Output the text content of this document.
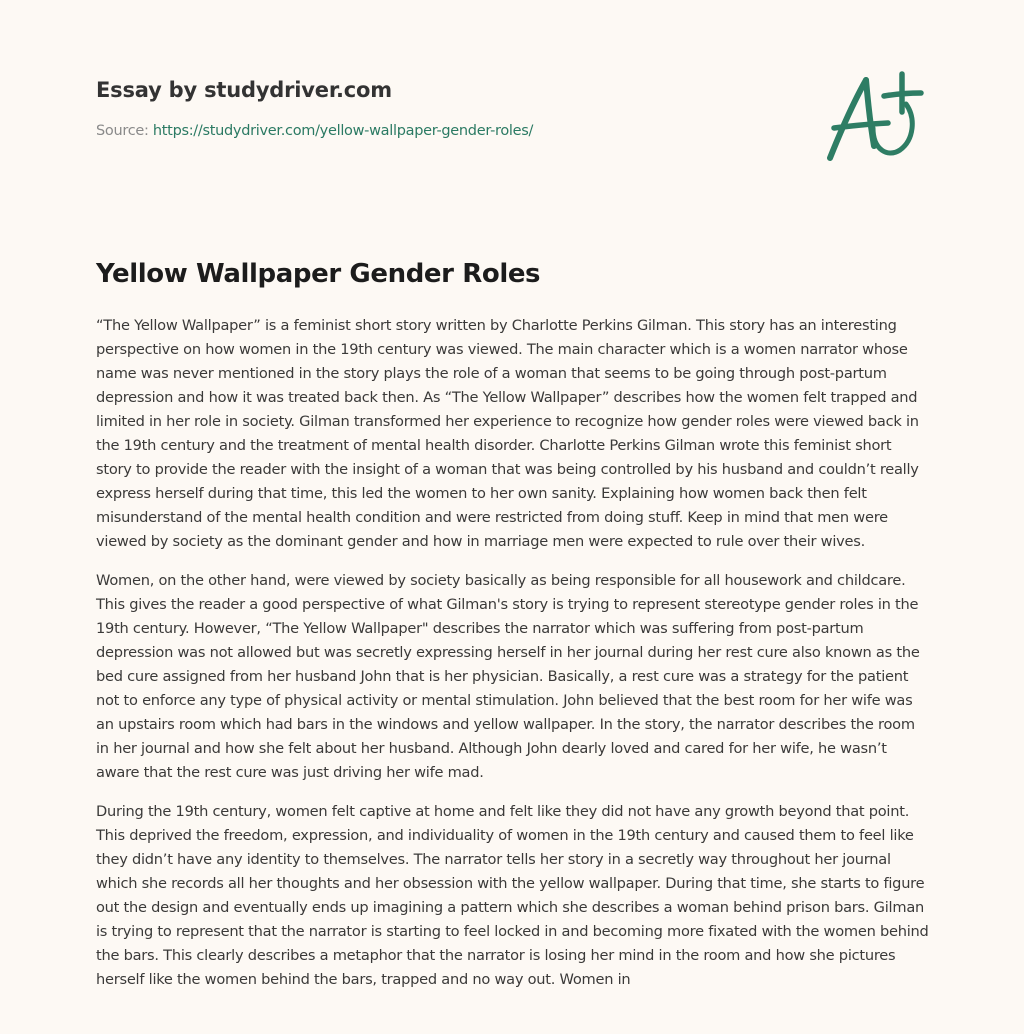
Essay by studydriver.com
Source: https://studydriver.com/yellow-wallpaper-gender-roles/
Yellow Wallpaper Gender Roles

“The Yellow Wallpaper” is a feminist short story written by Charlotte Perkins Gilman. This story has an interesting perspective on how women in the 19th century was viewed. The main character which is a women narrator whose name was never mentioned in the story plays the role of a woman that seems to be going through post-partum depression and how it was treated back then. As “The Yellow Wallpaper” describes how the women felt trapped and limited in her role in society. Gilman transformed her experience to recognize how gender roles were viewed back in the 19th century and the treatment of mental health disorder. Charlotte Perkins Gilman wrote this feminist short story to provide the reader with the insight of a woman that was being controlled by his husband and couldn’t really express herself during that time, this led the women to her own sanity. Explaining how women back then felt misunderstand of the mental health condition and were restricted from doing stuff. Keep in mind that men were viewed by society as the dominant gender and how in marriage men were expected to rule over their wives.

Women, on the other hand, were viewed by society basically as being responsible for all housework and childcare. This gives the reader a good perspective of what Gilman's story is trying to represent stereotype gender roles in the 19th century. However, “The Yellow Wallpaper" describes the narrator which was suffering from post-partum depression was not allowed but was secretly expressing herself in her journal during her rest cure also known as the bed cure assigned from her husband John that is her physician. Basically, a rest cure was a strategy for the patient not to enforce any type of physical activity or mental stimulation. John believed that the best room for her wife was an upstairs room which had bars in the windows and yellow wallpaper. In the story, the narrator describes the room in her journal and how she felt about her husband. Although John dearly loved and cared for her wife, he wasn’t aware that the rest cure was just driving her wife mad.

During the 19th century, women felt captive at home and felt like they did not have any growth beyond that point. This deprived the freedom, expression, and individuality of women in the 19th century and caused them to feel like they didn’t have any identity to themselves. The narrator tells her story in a secretly way throughout her journal which she records all her thoughts and her obsession with the yellow wallpaper. During that time, she starts to figure out the design and eventually ends up imagining a pattern which she describes a woman behind prison bars. Gilman is trying to represent that the narrator is starting to feel locked in and becoming more fixated with the women behind the bars. This clearly describes a metaphor that the narrator is losing her mind in the room and how she pictures herself like the women behind the bars, trapped and no way out. Women in
